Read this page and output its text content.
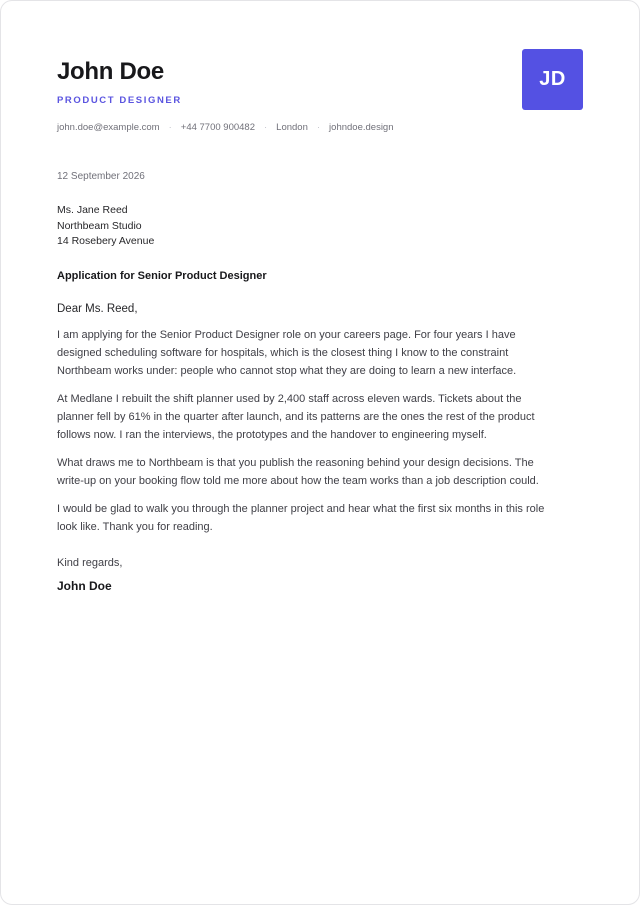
John Doe
PRODUCT DESIGNER
john.doe@example.com · +44 7700 900482 · London · johndoe.design
JD
12 September 2026
Ms. Jane Reed
Northbeam Studio
14 Rosebery Avenue
Application for Senior Product Designer
Dear Ms. Reed,

I am applying for the Senior Product Designer role on your careers page. For four years I have designed scheduling software for hospitals, which is the closest thing I know to the constraint Northbeam works under: people who cannot stop what they are doing to learn a new interface.

At Medlane I rebuilt the shift planner used by 2,400 staff across eleven wards. Tickets about the planner fell by 61% in the quarter after launch, and its patterns are the ones the rest of the product follows now. I ran the interviews, the prototypes and the handover to engineering myself.

What draws me to Northbeam is that you publish the reasoning behind your design decisions. The write-up on your booking flow told me more about how the team works than a job description could.

I would be glad to walk you through the planner project and hear what the first six months in this role look like. Thank you for reading.

Kind regards,
John Doe
